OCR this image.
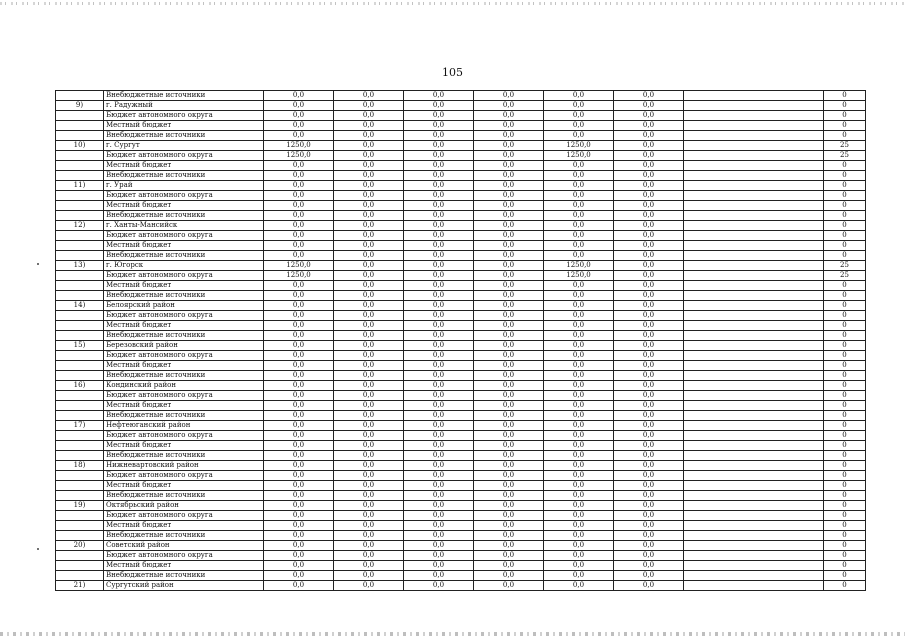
105
	Внебюджетные источники	0,0	0,0	0,0	0,0	0,0	0,0		0
9)	г. Радужный	0,0	0,0	0,0	0,0	0,0	0,0		0
	Бюджет автономного округа	0,0	0,0	0,0	0,0	0,0	0,0		0
	Местный бюджет	0,0	0,0	0,0	0,0	0,0	0,0		0
	Внебюджетные источники	0,0	0,0	0,0	0,0	0,0	0,0		0
10)	г. Сургут	1250,0	0,0	0,0	0,0	1250,0	0,0		25
	Бюджет автономного округа	1250,0	0,0	0,0	0,0	1250,0	0,0		25
	Местный бюджет	0,0	0,0	0,0	0,0	0,0	0,0		0
	Внебюджетные источники	0,0	0,0	0,0	0,0	0,0	0,0		0
11)	г. Урай	0,0	0,0	0,0	0,0	0,0	0,0		0
	Бюджет автономного округа	0,0	0,0	0,0	0,0	0,0	0,0		0
	Местный бюджет	0,0	0,0	0,0	0,0	0,0	0,0		0
	Внебюджетные источники	0,0	0,0	0,0	0,0	0,0	0,0		0
12)	г. Ханты-Мансийск	0,0	0,0	0,0	0,0	0,0	0,0		0
	Бюджет автономного округа	0,0	0,0	0,0	0,0	0,0	0,0		0
	Местный бюджет	0,0	0,0	0,0	0,0	0,0	0,0		0
	Внебюджетные источники	0,0	0,0	0,0	0,0	0,0	0,0		0
13)	г. Югорск	1250,0	0,0	0,0	0,0	1250,0	0,0		25
	Бюджет автономного округа	1250,0	0,0	0,0	0,0	1250,0	0,0		25
	Местный бюджет	0,0	0,0	0,0	0,0	0,0	0,0		0
	Внебюджетные источники	0,0	0,0	0,0	0,0	0,0	0,0		0
14)	Белоярский район	0,0	0,0	0,0	0,0	0,0	0,0		0
	Бюджет автономного округа	0,0	0,0	0,0	0,0	0,0	0,0		0
	Местный бюджет	0,0	0,0	0,0	0,0	0,0	0,0		0
	Внебюджетные источники	0,0	0,0	0,0	0,0	0,0	0,0		0
15)	Березовский район	0,0	0,0	0,0	0,0	0,0	0,0		0
	Бюджет автономного округа	0,0	0,0	0,0	0,0	0,0	0,0		0
	Местный бюджет	0,0	0,0	0,0	0,0	0,0	0,0		0
	Внебюджетные источники	0,0	0,0	0,0	0,0	0,0	0,0		0
16)	Кондинский район	0,0	0,0	0,0	0,0	0,0	0,0		0
	Бюджет автономного округа	0,0	0,0	0,0	0,0	0,0	0,0		0
	Местный бюджет	0,0	0,0	0,0	0,0	0,0	0,0		0
	Внебюджетные источники	0,0	0,0	0,0	0,0	0,0	0,0		0
17)	Нефтеюганский район	0,0	0,0	0,0	0,0	0,0	0,0		0
	Бюджет автономного округа	0,0	0,0	0,0	0,0	0,0	0,0		0
	Местный бюджет	0,0	0,0	0,0	0,0	0,0	0,0		0
	Внебюджетные источники	0,0	0,0	0,0	0,0	0,0	0,0		0
18)	Нижневартовский район	0,0	0,0	0,0	0,0	0,0	0,0		0
	Бюджет автономного округа	0,0	0,0	0,0	0,0	0,0	0,0		0
	Местный бюджет	0,0	0,0	0,0	0,0	0,0	0,0		0
	Внебюджетные источники	0,0	0,0	0,0	0,0	0,0	0,0		0
19)	Октябрьский район	0,0	0,0	0,0	0,0	0,0	0,0		0
	Бюджет автономного округа	0,0	0,0	0,0	0,0	0,0	0,0		0
	Местный бюджет	0,0	0,0	0,0	0,0	0,0	0,0		0
	Внебюджетные источники	0,0	0,0	0,0	0,0	0,0	0,0		0
20)	Советский район	0,0	0,0	0,0	0,0	0,0	0,0		0
	Бюджет автономного округа	0,0	0,0	0,0	0,0	0,0	0,0		0
	Местный бюджет	0,0	0,0	0,0	0,0	0,0	0,0		0
	Внебюджетные источники	0,0	0,0	0,0	0,0	0,0	0,0		0
21)	Сургутский район	0,0	0,0	0,0	0,0	0,0	0,0		0
